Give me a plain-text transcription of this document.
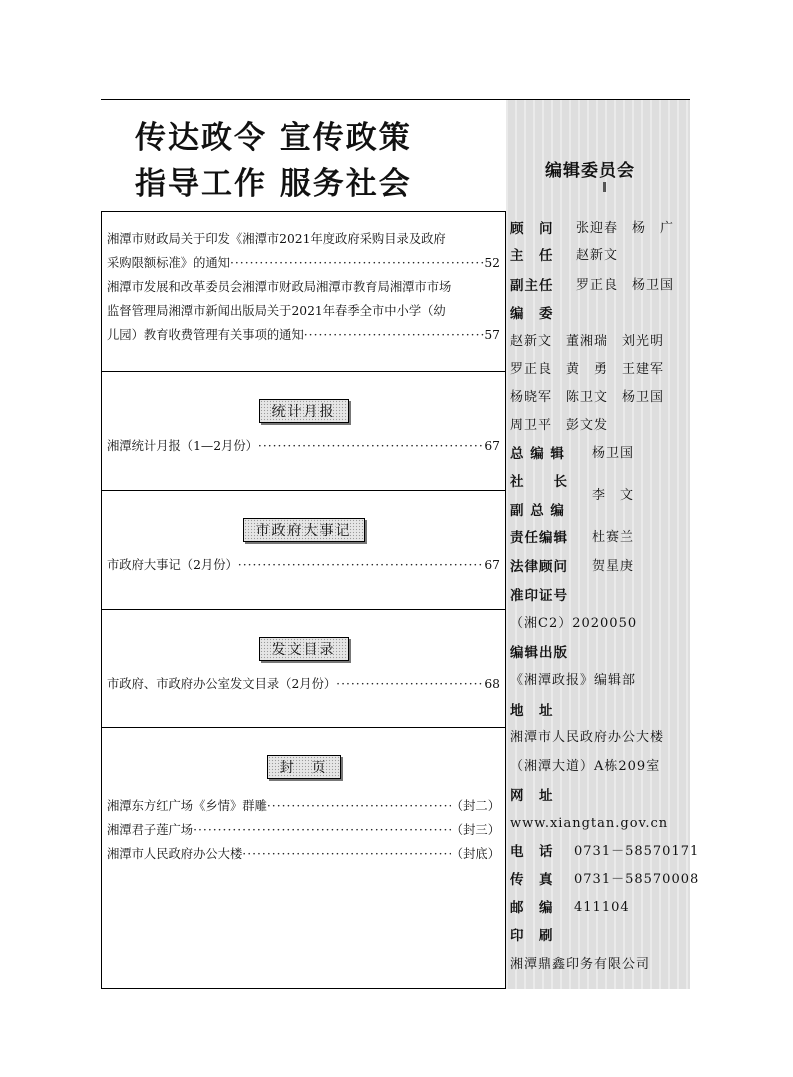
传达政令 宣传政策
指导工作 服务社会
湘潭市财政局关于印发《湘潭市2021年度政府采购目录及政府
采购限额标准》的通知 ·····	52
湘潭市发展和改革委员会湘潭市财政局湘潭市教育局湘潭市市场
监督管理局湘潭市新闻出版局关于2021年春季全市中小学（幼
儿园）教育收费管理有关事项的通知 ·····	57
统计月报
湘潭统计月报（1—2月份） ·····	67
市政府大事记
市政府大事记（2月份） ·····	67
发文目录
市政府、市政府办公室发文目录（2月份） ·····	68
封　页
湘潭东方红广场《乡情》群雕 ·····	（封二）
湘潭君子莲广场 ·····	（封三）
湘潭市人民政府办公大楼 ·····	（封底）
编辑委员会
顾　问 张迎春　杨　广
主　任 赵新文
副主任 罗正良　杨卫国
编　委
赵新文　董湘瑞　刘光明
罗正良　黄　勇　王建军
杨晓军　陈卫文　杨卫国
周卫平　彭文发
总 编 辑 杨卫国
社　　长
李　文
副 总 编
责任编辑 杜赛兰
法律顾问 贺星庚
准印证号
（湘C2）2020050
编辑出版
《湘潭政报》编辑部
地　址
湘潭市人民政府办公大楼
（湘潭大道）A栋209室
网　址
www.xiangtan.gov.cn
电　话 0731－58570171
传　真 0731－58570008
邮　编 411104
印　刷
湘潭鼎鑫印务有限公司
